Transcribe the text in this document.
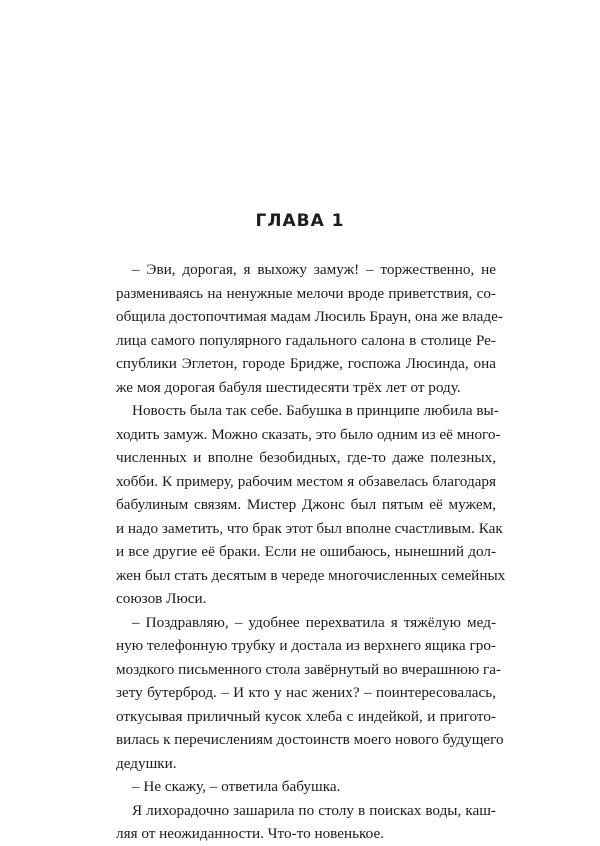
ГЛАВА 1

– Эви, дорогая, я выхожу замуж! – торжественно, не
размениваясь на ненужные мелочи вроде приветствия, со-
общила достопочтимая мадам Люсиль Браун, она же владе-
лица самого популярного гадального салона в столице Ре-
спублики Эглетон, городе Бридже, госпожа Люсинда, она
же моя дорогая бабуля шестидесяти трёх лет от роду.

Новость была так себе. Бабушка в принципе любила вы-
ходить замуж. Можно сказать, это было одним из её много-
численных и вполне безобидных, где-то даже полезных,
хобби. К примеру, рабочим местом я обзавелась благодаря
бабулиным связям. Мистер Джонс был пятым её мужем,
и надо заметить, что брак этот был вполне счастливым. Как
и все другие её браки. Если не ошибаюсь, нынешний дол-
жен был стать десятым в череде многочисленных семейных
союзов Люси.

– Поздравляю, – удобнее перехватила я тяжёлую мед-
ную телефонную трубку и достала из верхнего ящика гро-
моздкого письменного стола завёрнутый во вчерашнюю га-
зету бутерброд. – И кто у нас жених? – поинтересовалась,
откусывая приличный кусок хлеба с индейкой, и пригото-
вилась к перечислениям достоинств моего нового будущего
дедушки.

– Не скажу, – ответила бабушка.

Я лихорадочно зашарила по столу в поисках воды, каш-
ляя от неожиданности. Что-то новенькое.
